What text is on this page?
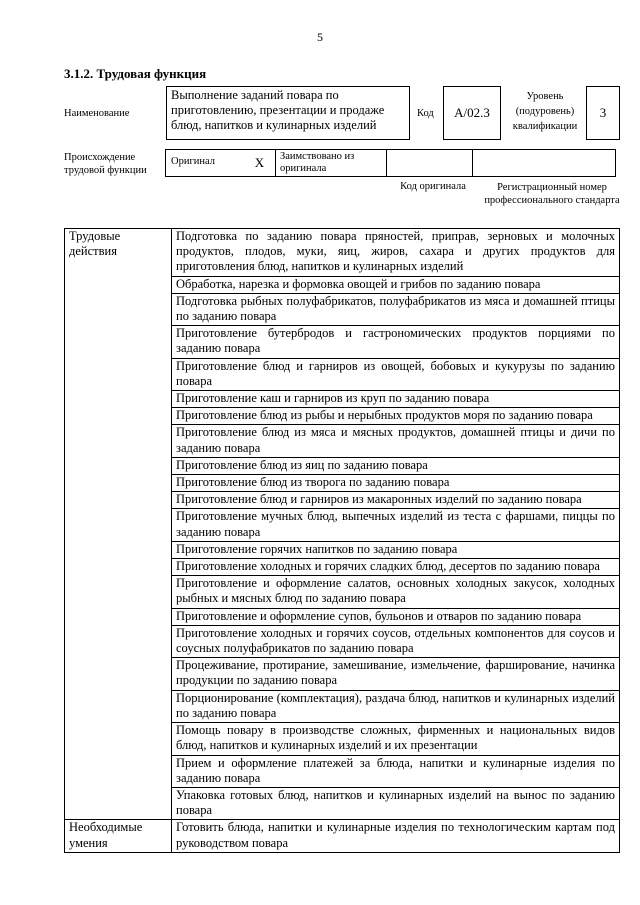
5
3.1.2. Трудовая функция
Наименование
Выполнение заданий повара по приготовлению, презентации и продаже блюд, напитков и кулинарных изделий
Код А/02.3
Уровень (подуровень) квалификации
3
Происхождение трудовой функции
Оригинал	X	Заимствовано из оригинала
Код оригинала	Регистрационный номер профессионального стандарта
Трудовые действия	Подготовка по заданию повара пряностей, приправ, зерновых и молочных продуктов, плодов, муки, яиц, жиров, сахара и других продуктов для приготовления блюд, напитков и кулинарных изделий
	Обработка, нарезка и формовка овощей и грибов по заданию повара
	Подготовка рыбных полуфабрикатов, полуфабрикатов из мяса и домашней птицы по заданию повара
	Приготовление бутербродов и гастрономических продуктов порциями по заданию повара
	Приготовление блюд и гарниров из овощей, бобовых и кукурузы по заданию повара
	Приготовление каш и гарниров из круп по заданию повара
	Приготовление блюд из рыбы и нерыбных продуктов моря по заданию повара
	Приготовление блюд из мяса и мясных продуктов, домашней птицы и дичи по заданию повара
	Приготовление блюд из яиц по заданию повара
	Приготовление блюд из творога по заданию повара
	Приготовление блюд и гарниров из макаронных изделий по заданию повара
	Приготовление мучных блюд, выпечных изделий из теста с фаршами, пиццы по заданию повара
	Приготовление горячих напитков по заданию повара
	Приготовление холодных и горячих сладких блюд, десертов по заданию повара
	Приготовление и оформление салатов, основных холодных закусок, холодных рыбных и мясных блюд по заданию повара
	Приготовление и оформление супов, бульонов и отваров по заданию повара
	Приготовление холодных и горячих соусов, отдельных компонентов для соусов и соусных полуфабрикатов по заданию повара
	Процеживание, протирание, замешивание, измельчение, фарширование, начинка продукции по заданию повара
	Порционирование (комплектация), раздача блюд, напитков и кулинарных изделий по заданию повара
	Помощь повару в производстве сложных, фирменных и национальных видов блюд, напитков и кулинарных изделий и их презентации
	Прием и оформление платежей за блюда, напитки и кулинарные изделия по заданию повара
	Упаковка готовых блюд, напитков и кулинарных изделий на вынос по заданию повара
Необходимые умения	Готовить блюда, напитки и кулинарные изделия по технологическим картам под руководством повара
